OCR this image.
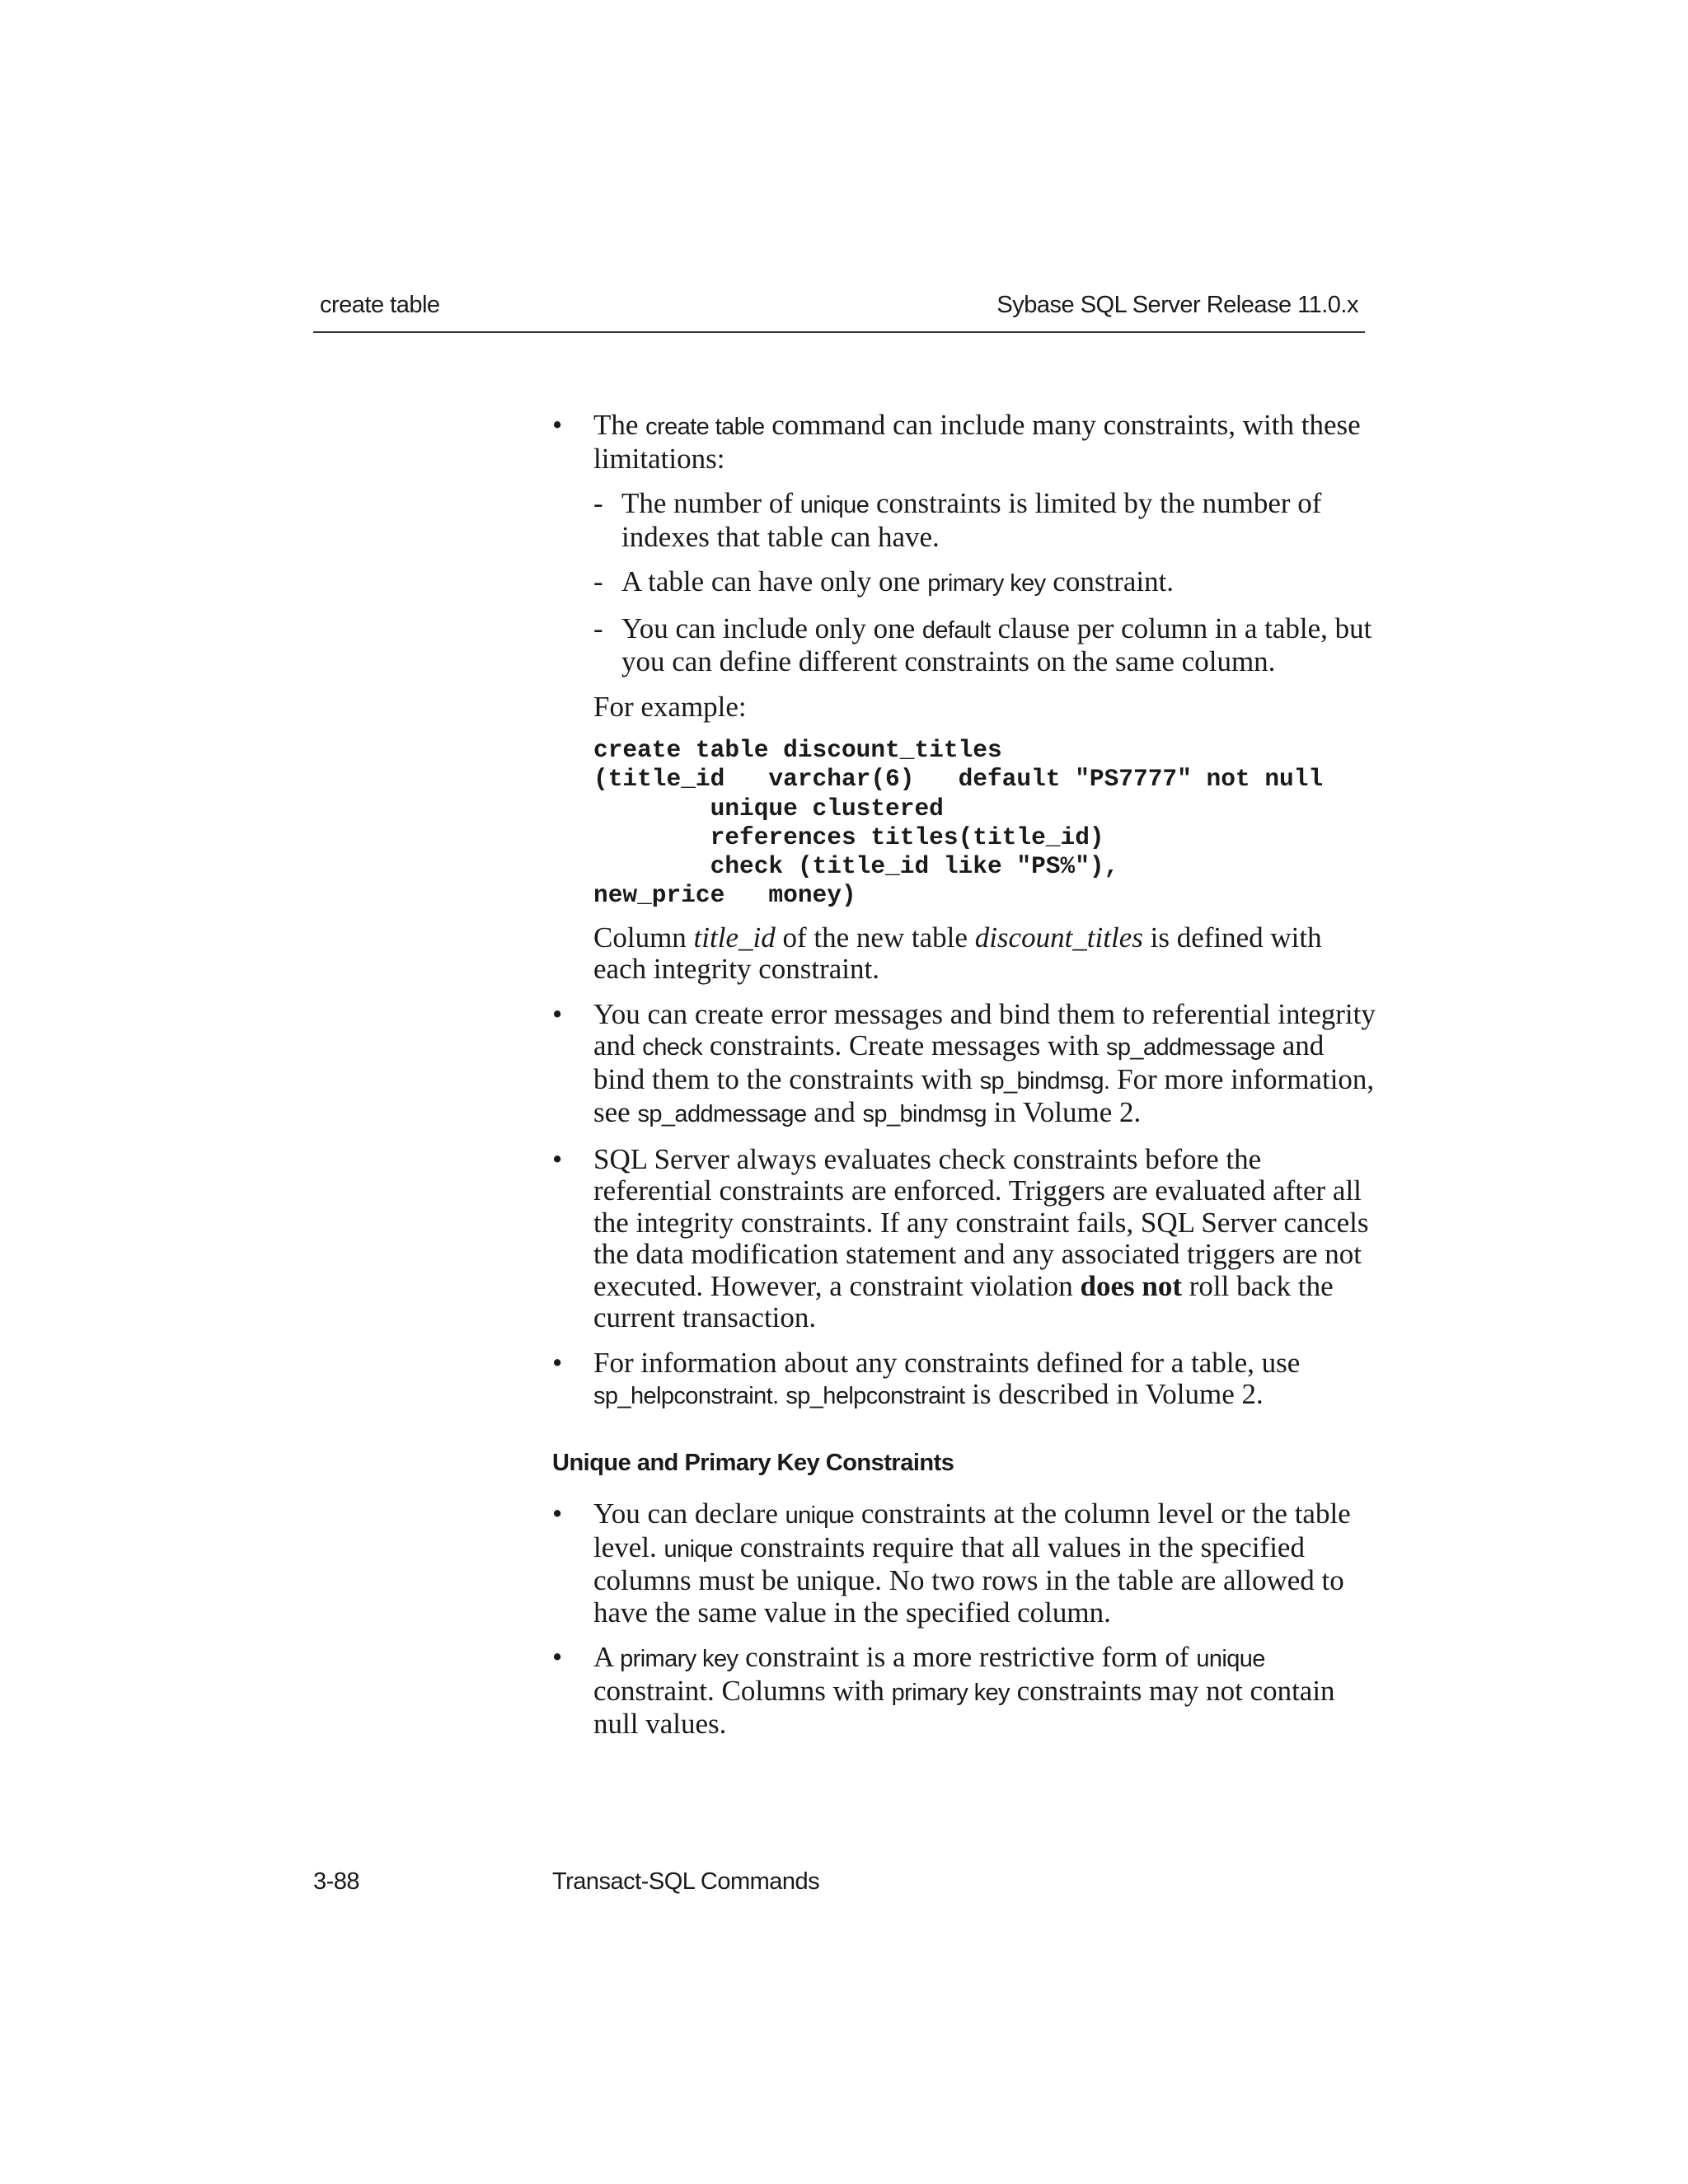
create table	Sybase SQL Server Release 11.0.x
• The create table command can include many constraints, with these limitations:
- The number of unique constraints is limited by the number of indexes that table can have.
- A table can have only one primary key constraint.
- You can include only one default clause per column in a table, but you can define different constraints on the same column.
For example:
create table discount_titles
(title_id   varchar(6)   default "PS7777" not null
unique clustered
references titles(title_id)
check (title_id like "PS%"),
new_price   money)
Column title_id of the new table discount_titles is defined with each integrity constraint.
• You can create error messages and bind them to referential integrity and check constraints. Create messages with sp_addmessage and bind them to the constraints with sp_bindmsg. For more information, see sp_addmessage and sp_bindmsg in Volume 2.
• SQL Server always evaluates check constraints before the referential constraints are enforced. Triggers are evaluated after all the integrity constraints. If any constraint fails, SQL Server cancels the data modification statement and any associated triggers are not executed. However, a constraint violation does not roll back the current transaction.
• For information about any constraints defined for a table, use sp_helpconstraint. sp_helpconstraint is described in Volume 2.
Unique and Primary Key Constraints
• You can declare unique constraints at the column level or the table level. unique constraints require that all values in the specified columns must be unique. No two rows in the table are allowed to have the same value in the specified column.
• A primary key constraint is a more restrictive form of unique constraint. Columns with primary key constraints may not contain null values.
3-88	Transact-SQL Commands
